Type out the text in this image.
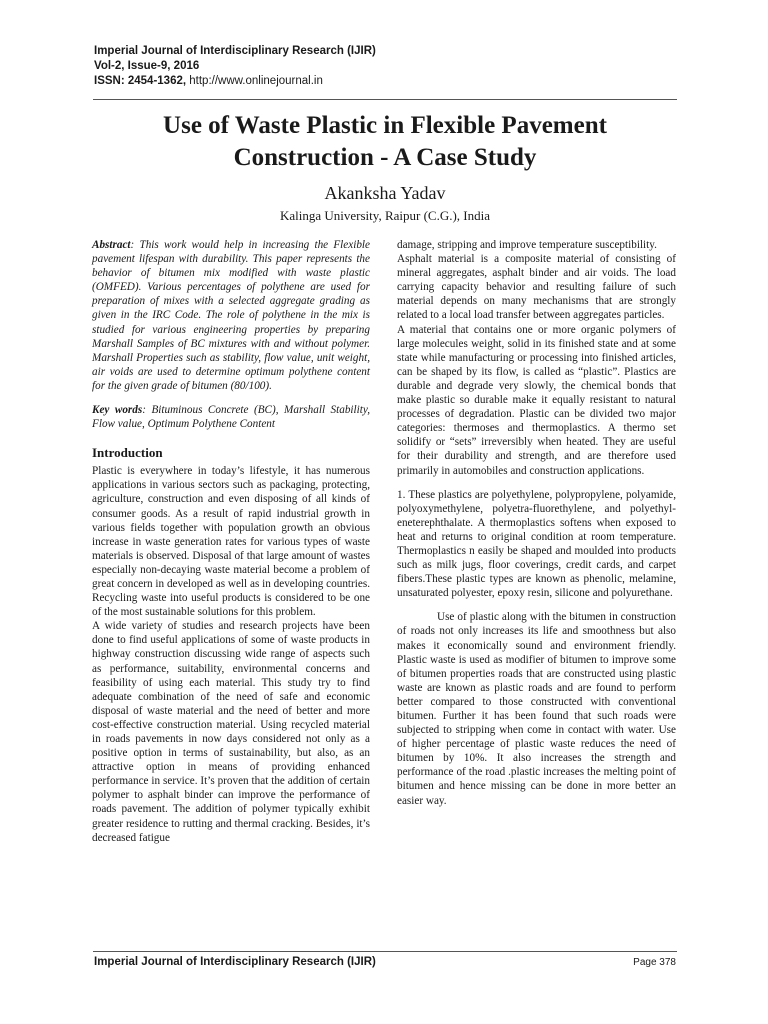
Imperial Journal of Interdisciplinary Research (IJIR)
Vol-2, Issue-9, 2016
ISSN: 2454-1362, http://www.onlinejournal.in
Use of Waste Plastic in Flexible Pavement
Construction - A Case Study
Akanksha Yadav
Kalinga University, Raipur (C.G.), India

Abstract: This work would help in increasing the Flexible pavement lifespan with durability. This paper represents the behavior of bitumen mix modified with waste plastic (OMFED). Various percentages of polythene are used for preparation of mixes with a selected aggregate grading as given in the IRC Code. The role of polythene in the mix is studied for various engineering properties by preparing Marshall Samples of BC mixtures with and without polymer. Marshall Properties such as stability, flow value, unit weight, air voids are used to determine optimum polythene content for the given grade of bitumen (80/100).

Key words: Bituminous Concrete (BC), Marshall Stability, Flow value, Optimum Polythene Content

Introduction

Plastic is everywhere in today’s lifestyle, it has numerous applications in various sectors such as packaging, protecting, agriculture, construction and even disposing of all kinds of consumer goods. As a result of rapid industrial growth in various fields together with population growth an obvious increase in waste generation rates for various types of waste materials is observed. Disposal of that large amount of wastes especially non-decaying waste material become a problem of great concern in developed as well as in developing countries. Recycling waste into useful products is considered to be one of the most sustainable solutions for this problem.

A wide variety of studies and research projects have been done to find useful applications of some of waste products in highway construction discussing wide range of aspects such as performance, suitability, environmental concerns and feasibility of using each material. This study try to find adequate combination of the need of safe and economic disposal of waste material and the need of better and more cost-effective construction material. Using recycled material in roads pavements in now days considered not only as a positive option in terms of sustainability, but also, as an attractive option in means of providing enhanced performance in service. It’s proven that the addition of certain polymer to asphalt binder can improve the performance of roads pavement. The addition of polymer typically exhibit greater residence to rutting and thermal cracking. Besides, it’s decreased fatigue

damage, stripping and improve temperature susceptibility.

Asphalt material is a composite material of consisting of mineral aggregates, asphalt binder and air voids. The load carrying capacity behavior and resulting failure of such material depends on many mechanisms that are strongly related to a local load transfer between aggregates particles.

A material that contains one or more organic polymers of large molecules weight, solid in its finished state and at some state while manufacturing or processing into finished articles, can be shaped by its flow, is called as “plastic”. Plastics are durable and degrade very slowly, the chemical bonds that make plastic so durable make it equally resistant to natural processes of degradation. Plastic can be divided two major categories: thermoses and thermoplastics. A thermo set solidify or “sets” irreversibly when heated. They are useful for their durability and strength, and are therefore used primarily in automobiles and construction applications.

1. These plastics are polyethylene, polypropylene, polyamide, polyoxymethylene, polyetra-fluorethylene, and polyethyl-eneterephthalate. A thermoplastics softens when exposed to heat and returns to original condition at room temperature. Thermoplastics n easily be shaped and moulded into products such as milk jugs, floor coverings, credit cards, and carpet fibers.These plastic types are known as phenolic, melamine, unsaturated polyester, epoxy resin, silicone and polyurethane.

Use of plastic along with the bitumen in construction of roads not only increases its life and smoothness but also makes it economically sound and environment friendly. Plastic waste is used as modifier of bitumen to improve some of bitumen properties roads that are constructed using plastic waste are known as plastic roads and are found to perform better compared to those constructed with conventional bitumen. Further it has been found that such roads were subjected to stripping when come in contact with water. Use of higher percentage of plastic waste reduces the need of bitumen by 10%. It also increases the strength and performance of the road .plastic increases the melting point of bitumen and hence missing can be done in more better an easier way.

Imperial Journal of Interdisciplinary Research (IJIR)	Page 378
